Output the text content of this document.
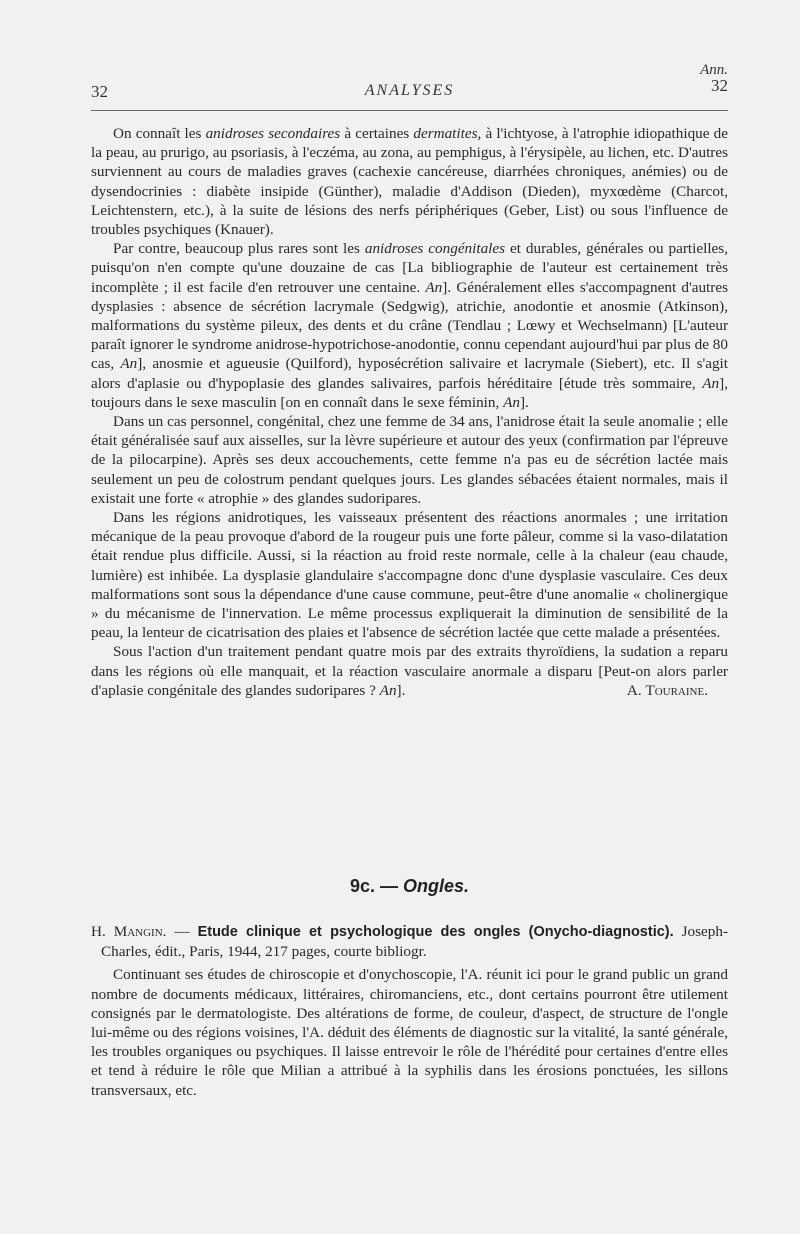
Ann.
32	ANALYSES	32

On connaît les anidroses secondaires à certaines dermatites, à l'ichtyose, à l'atrophie idiopathique de la peau, au prurigo, au psoriasis, à l'eczéma, au zona, au pemphigus, à l'érysipèle, au lichen, etc. D'autres surviennent au cours de maladies graves (cachexie cancéreuse, diarrhées chroniques, anémies) ou de dysendocrinies : diabète insipide (Günther), maladie d'Addison (Dieden), myxœdème (Charcot, Leichtenstern, etc.), à la suite de lésions des nerfs périphériques (Geber, List) ou sous l'influence de troubles psychiques (Knauer).

Par contre, beaucoup plus rares sont les anidroses congénitales et durables, générales ou partielles, puisqu'on n'en compte qu'une douzaine de cas [La bibliographie de l'auteur est certainement très incomplète ; il est facile d'en retrouver une centaine. An]. Généralement elles s'accompagnent d'autres dysplasies : absence de sécrétion lacrymale (Sedgwig), atrichie, anodontie et anosmie (Atkinson), malformations du système pileux, des dents et du crâne (Tendlau ; Lœwy et Wechselmann) [L'auteur paraît ignorer le syndrome anidrose-hypotrichose-anodontie, connu cependant aujourd'hui par plus de 80 cas, An], anosmie et agueusie (Quilford), hyposécrétion salivaire et lacrymale (Siebert), etc. Il s'agit alors d'aplasie ou d'hypoplasie des glandes salivaires, parfois héréditaire [étude très sommaire, An], toujours dans le sexe masculin [on en connaît dans le sexe féminin, An].

Dans un cas personnel, congénital, chez une femme de 34 ans, l'anidrose était la seule anomalie ; elle était généralisée sauf aux aisselles, sur la lèvre supérieure et autour des yeux (confirmation par l'épreuve de la pilocarpine). Après ses deux accouchements, cette femme n'a pas eu de sécrétion lactée mais seulement un peu de colostrum pendant quelques jours. Les glandes sébacées étaient normales, mais il existait une forte « atrophie » des glandes sudoripares.

Dans les régions anidrotiques, les vaisseaux présentent des réactions anormales ; une irritation mécanique de la peau provoque d'abord de la rougeur puis une forte pâleur, comme si la vaso-dilatation était rendue plus difficile. Aussi, si la réaction au froid reste normale, celle à la chaleur (eau chaude, lumière) est inhibée. La dysplasie glandulaire s'accompagne donc d'une dysplasie vasculaire. Ces deux malformations sont sous la dépendance d'une cause commune, peut-être d'une anomalie « cholinergique » du mécanisme de l'innervation. Le même processus expliquerait la diminution de sensibilité de la peau, la lenteur de cicatrisation des plaies et l'absence de sécrétion lactée que cette malade a présentées.

Sous l'action d'un traitement pendant quatre mois par des extraits thyroïdiens, la sudation a reparu dans les régions où elle manquait, et la réaction vasculaire anormale a disparu [Peut-on alors parler d'aplasie congénitale des glandes sudoripares ? An].	A. Touraine.
9c. — Ongles.

H. Mangin. — Etude clinique et psychologique des ongles (Onycho-diagnostic). Joseph-Charles, édit., Paris, 1944, 217 pages, courte bibliogr.

Continuant ses études de chiroscopie et d'onychoscopie, l'A. réunit ici pour le grand public un grand nombre de documents médicaux, littéraires, chiromanciens, etc., dont certains pourront être utilement consignés par le dermatologiste. Des altérations de forme, de couleur, d'aspect, de structure de l'ongle lui-même ou des régions voisines, l'A. déduit des éléments de diagnostic sur la vitalité, la santé générale, les troubles organiques ou psychiques. Il laisse entrevoir le rôle de l'hérédité pour certaines d'entre elles et tend à réduire le rôle que Milian a attribué à la syphilis dans les érosions ponctuées, les sillons transversaux, etc.
